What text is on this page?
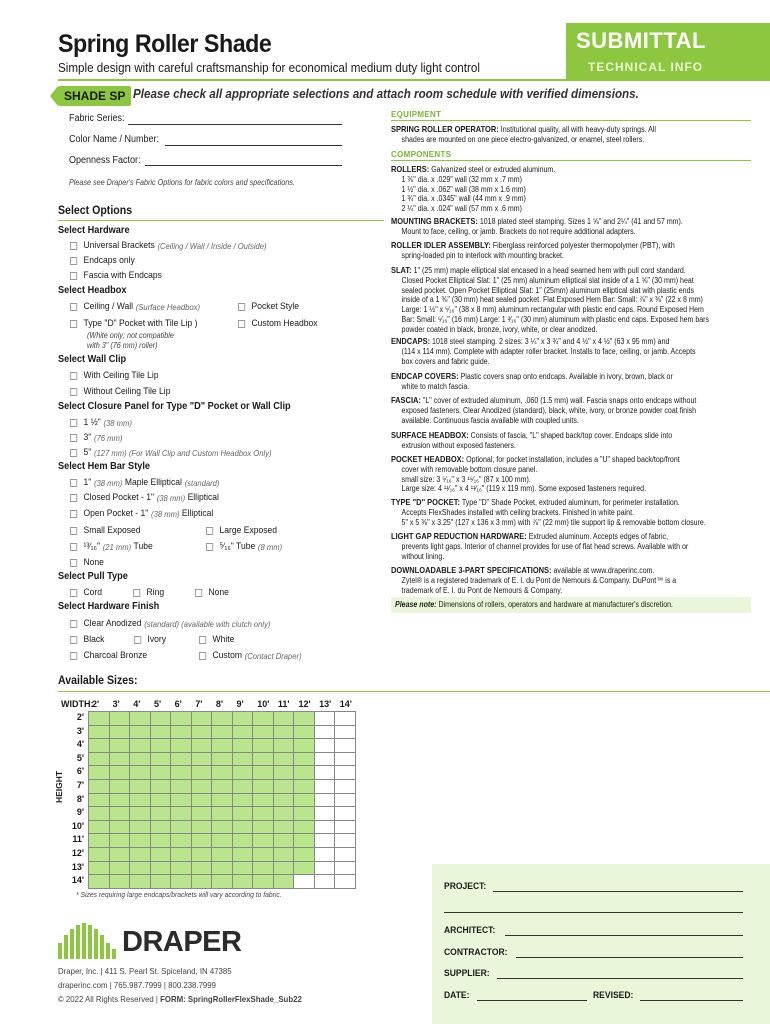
Spring Roller Shade
Simple design with careful craftsmanship for economical medium duty light control
SUBMITTAL
TECHNICAL INFO
SHADE SP Please check all appropriate selections and attach room schedule with verified dimensions.
Fabric Series:
Color Name / Number:
Openness Factor:
Please see Draper's Fabric Options for fabric colors and specifications.
Select Options
Select Hardware
Universal Brackets (Ceiling / Wall / Inside / Outside)
Endcaps only
Fascia with Endcaps
Select Headbox
Ceiling / Wall (Surface Headbox)	Pocket Style
Type "D" Pocket with Tile Lip )	Custom Headbox
(White only; not compatible
with 3" (76 mm) roller)
Select Wall Clip
With Ceiling Tile Lip
Without Ceiling Tile Lip
Select Closure Panel for Type "D" Pocket or Wall Clip
1 ½" (38 mm)
3" (76 mm)
5" (127 mm) (For Wall Clip and Custom Headbox Only)
Select Hem Bar Style
1" (38 mm)
Maple Elliptical (standard)
Closed Pocket - 1" (38 mm)
Elliptical
Open Pocket - 1" (38 mm)
Elliptical
Small Exposed	Large Exposed
¹³⁄₁₆" (21 mm)
Tube	⁵⁄₁₆" Tube (8 mm)
None
Select Pull Type
Cord	Ring	None
Select Hardware Finish
Clear Anodized (standard) (available with clutch only)
Black	Ivory	White
Charcoal Bronze	Custom (Contact Draper)
EQUIPMENT
SPRING ROLLER OPERATOR: Institutional quality, all with heavy-duty springs. All
shades are mounted on one piece electro-galvanized, or enamel, steel rollers.
COMPONENTS
ROLLERS: Galvanized steel or extruded aluminum.
1 ⅜" dia. x .029" wall (32 mm x .7 mm)
1 ½" dia. x .062" wall (38 mm x 1.6 mm)
1 ¾" dia. x .0345" wall (44 mm x .9 mm)
2 ¼" dia. x .024" wall (57 mm x .6 mm)
MOUNTING BRACKETS: 1018 plated steel stamping. Sizes 1 ⅝" and 2¼" (41 and 57 mm).
Mount to face, ceiling, or jamb. Brackets do not require additional adapters.
ROLLER IDLER ASSEMBLY: Fiberglass reinforced polyester thermopolymer (PBT), with
spring-loaded pin to interlock with mounting bracket.
SLAT: 1" (25 mm) maple elliptical slat encased in a head seamed hem with pull cord standard.
Closed Pocket Elliptical Slat: 1" (25 mm) aluminum elliptical slat inside of a 1 ⅝" (30 mm) heat
sealed pocket. Open Pocket Elliptical Slat: 1" (25mm) aluminum elliptical slat with plastic ends
inside of a 1 ⅜" (30 mm) heat sealed pocket. Flat Exposed Hem Bar: Small: ⅞" x ⅜" (22 x 8 mm)
Large: 1 ½" x ⁵⁄₁₆" (38 x 8 mm) aluminum rectangular with plastic end caps. Round Exposed Hem
Bar: Small: ⁵⁄₁₆" (16 mm) Large: 1 ³⁄₁₆" (30 mm) aluminum with plastic end caps. Exposed hem bars
powder coated in black, bronze, ivory, white, or clear anodized.
ENDCAPS: 1018 steel stamping. 2 sizes: 3 ¼" x 3 ¾" and 4 ½" x 4 ½" (63 x 95 mm) and
(114 x 114 mm). Complete with adapter roller bracket. Installs to face, ceiling, or jamb. Accepts
box covers and fabric guide.
ENDCAP COVERS: Plastic covers snap onto endcaps. Available in ivory, brown, black or
white to match fascia.
FASCIA: "L" cover of extruded aluminum, .060 (1.5 mm) wall. Fascia snaps onto endcaps without
exposed fasteners. Clear Anodized (standard), black, white, ivory, or bronze powder coat finish
available. Continuous fascia available with coupled units.
SURFACE HEADBOX: Consists of fascia, "L" shaped back/top cover. Endcaps slide into
extrusion without exposed fasteners.
POCKET HEADBOX: Optional, for pocket installation, includes a "U" shaped back/top/front
cover with removable bottom closure panel.
small size: 3 ⁵⁄₁₆" x 3 ¹⁵⁄₁₆" (87 x 100 mm).
Large size: 4 ¹¹⁄₁₆" x 4 ¹¹⁄₁₆" (119 x 119 mm). Some exposed fasteners required.
TYPE "D" POCKET: Type "D" Shade Pocket, extruded aluminum, for perimeter installation.
Accepts FlexShades installed with ceiling brackets. Finished in white paint.
5" x 5 ⅜" x 3.25" (127 x 136 x 3 mm) with ⅞" (22 mm) tile support lip & removable bottom closure.
LIGHT GAP REDUCTION HARDWARE: Extruded aluminum. Accepts edges of fabric,
prevents light gaps. Interior of channel provides for use of flat head screws. Available with or
without lining.
DOWNLOADABLE 3-PART SPECIFICATIONS: available at www.draperinc.com.
Zytel® is a registered trademark of E. I. du Pont de Nemours & Company. DuPont™ is a
trademark of E. I. du Pont de Nemours & Company.
Please note: Dimensions of rollers, operators and hardware at manufacturer's discretion.
Available Sizes:
WIDTH:
HEIGHT
2' 3' 4' 5' 6' 7' 8' 9' 10' 11' 12' 13' 14'
2'
3'
4'
5'
6'
7'
8'
9'
10'
11'
12'
13'
14'

* Sizes requiring large endcaps/brackets will vary according to fabric.
PROJECT:
ARCHITECT:
CONTRACTOR:
SUPPLIER:
DATE:	REVISED:
DRAPER
Draper, Inc. | 411 S. Pearl St. Spiceland, IN 47385
draperinc.com | 765.987.7999 | 800.238.7999
© 2022 All Rights Reserved | FORM: SpringRollerFlexShade_Sub22
